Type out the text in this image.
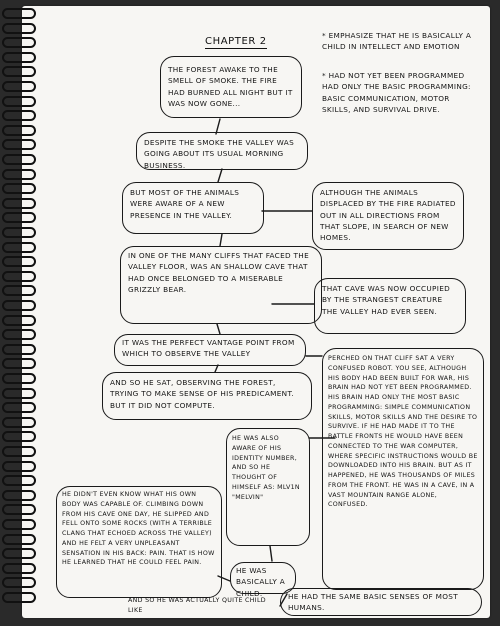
CHAPTER 2
* EMPHASIZE THAT HE IS BASICALLY A CHILD IN INTELLECT AND EMOTION
* HAD NOT YET BEEN PROGRAMMED HAD ONLY THE BASIC PROGRAMMING: BASIC COMMUNICATION, MOTOR SKILLS, AND SURVIVAL DRIVE.
THE FOREST AWAKE TO THE SMELL OF SMOKE. THE FIRE HAD BURNED ALL NIGHT BUT IT WAS NOW GONE...
DESPITE THE SMOKE THE VALLEY WAS GOING ABOUT ITS USUAL MORNING BUSINESS.
BUT MOST OF THE ANIMALS WERE AWARE OF A NEW PRESENCE IN THE VALLEY.
ALTHOUGH THE ANIMALS DISPLACED BY THE FIRE RADIATED OUT IN ALL DIRECTIONS FROM THAT SLOPE, IN SEARCH OF NEW HOMES.
IN ONE OF THE MANY CLIFFS THAT FACED THE VALLEY FLOOR, WAS AN SHALLOW CAVE THAT HAD ONCE BELONGED TO A MISERABLE GRIZZLY BEAR.	THAT CAVE WAS NOW OCCUPIED BY THE STRANGEST CREATURE THE VALLEY HAD EVER SEEN.
IT WAS THE PERFECT VANTAGE POINT FROM WHICH TO OBSERVE THE VALLEY
AND SO HE SAT, OBSERVING THE FOREST, TRYING TO MAKE SENSE OF HIS PREDICAMENT. BUT IT DID NOT COMPUTE.
PERCHED ON THAT CLIFF SAT A VERY CONFUSED ROBOT. YOU SEE, ALTHOUGH HIS BODY HAD BEEN BUILT FOR WAR, HIS BRAIN HAD NOT YET BEEN PROGRAMMED. HIS BRAIN HAD ONLY THE MOST BASIC PROGRAMMING: SIMPLE COMMUNICATION SKILLS, MOTOR SKILLS AND THE DESIRE TO SURVIVE. IF HE HAD MADE IT TO THE BATTLE FRONTS HE WOULD HAVE BEEN CONNECTED TO THE WAR COMPUTER, WHERE SPECIFIC INSTRUCTIONS WOULD BE DOWNLOADED INTO HIS BRAIN. BUT AS IT HAPPENED, HE WAS THOUSANDS OF MILES FROM THE FRONT. HE WAS IN A CAVE, IN A VAST MOUNTAIN RANGE ALONE, CONFUSED.
HE WAS ALSO AWARE OF HIS IDENTITY NUMBER, AND SO HE THOUGHT OF HIMSELF AS: MLV1N "MELVIN"
HE DIDN'T EVEN KNOW WHAT HIS OWN BODY WAS CAPABLE OF. CLIMBING DOWN FROM HIS CAVE ONE DAY, HE SLIPPED AND FELL ONTO SOME ROCKS (WITH A TERRIBLE CLANG THAT ECHOED ACROSS THE VALLEY) AND HE FELT A VERY UNPLEASANT SENSATION IN HIS BACK: PAIN. THAT IS HOW HE LEARNED THAT HE COULD FEEL PAIN.
HE WAS BASICALLY A CHILD.
AND SO HE WAS ACTUALLY QUITE CHILD LIKE
HE HAD THE SAME BASIC SENSES OF MOST HUMANS.
